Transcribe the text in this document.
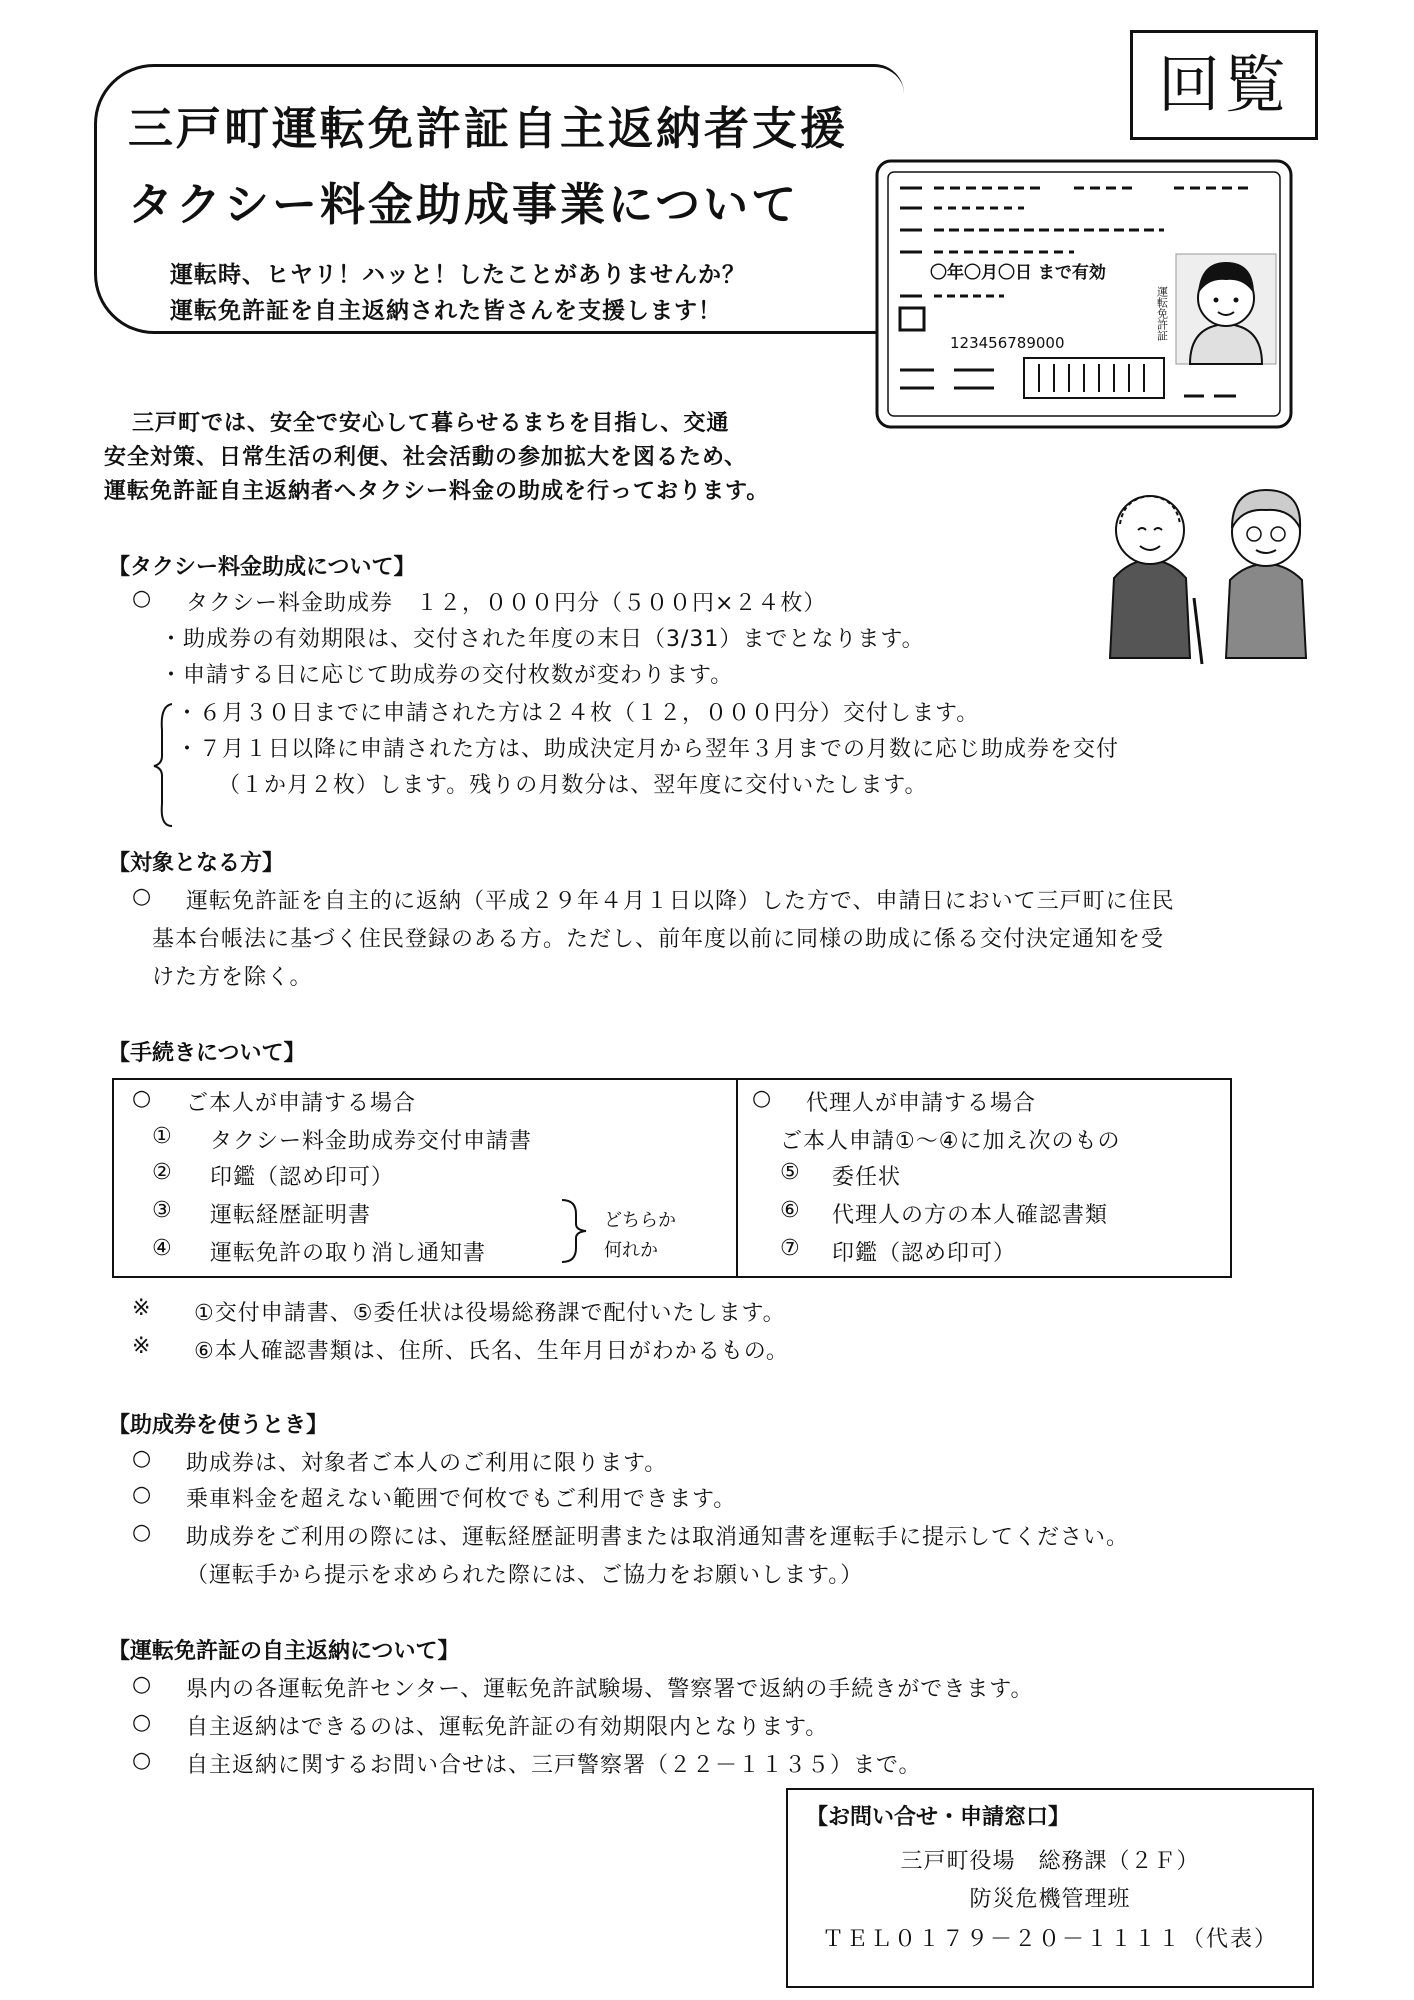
回覧
三戸町運転免許証自主返納者支援
タクシー料金助成事業について
運転時、ヒヤリ！ハッと！したことがありませんか？
運転免許証を自主返納された皆さんを支援します！
〇年〇月〇日 まで有効
123456789000
運転免許証
三戸町では、安全で安心して暮らせるまちを目指し、交通
安全対策、日常生活の利便、社会活動の参加拡大を図るため、
運転免許証自主返納者へタクシー料金の助成を行っております。
【タクシー料金助成について】
○ タクシー料金助成券　１２，０００円分（５００円×２４枚）
・助成券の有効期限は、交付された年度の末日（3/31）までとなります。
・申請する日に応じて助成券の交付枚数が変わります。
・６月３０日までに申請された方は２４枚（１２，０００円分）交付します。
・７月１日以降に申請された方は、助成決定月から翌年３月までの月数に応じ助成券を交付
（１か月２枚）します。残りの月数分は、翌年度に交付いたします。
【対象となる方】
○ 運転免許証を自主的に返納（平成２９年４月１日以降）した方で、申請日において三戸町に住民
基本台帳法に基づく住民登録のある方。ただし、前年度以前に同様の助成に係る交付決定通知を受
けた方を除く。
【手続きについて】
○ ご本人が申請する場合
① タクシー料金助成券交付申請書
② 印鑑（認め印可）
③ 運転経歴証明書
④ 運転免許の取り消し通知書
どちらか
何れか
○ 代理人が申請する場合
ご本人申請①～④に加え次のもの
⑤ 委任状
⑥ 代理人の方の本人確認書類
⑦ 印鑑（認め印可）
※ ①交付申請書、⑤委任状は役場総務課で配付いたします。
※ ⑥本人確認書類は、住所、氏名、生年月日がわかるもの。
【助成券を使うとき】
○ 助成券は、対象者ご本人のご利用に限ります。
○ 乗車料金を超えない範囲で何枚でもご利用できます。
○ 助成券をご利用の際には、運転経歴証明書または取消通知書を運転手に提示してください。
（運転手から提示を求められた際には、ご協力をお願いします。）
【運転免許証の自主返納について】
○ 県内の各運転免許センター、運転免許試験場、警察署で返納の手続きができます。
○ 自主返納はできるのは、運転免許証の有効期限内となります。
○ 自主返納に関するお問い合せは、三戸警察署（２２－１１３５）まで。
【お問い合せ・申請窓口】
三戸町役場　総務課（２Ｆ）
防災危機管理班
ＴＥＬ０１７９－２０－１１１１（代表）
